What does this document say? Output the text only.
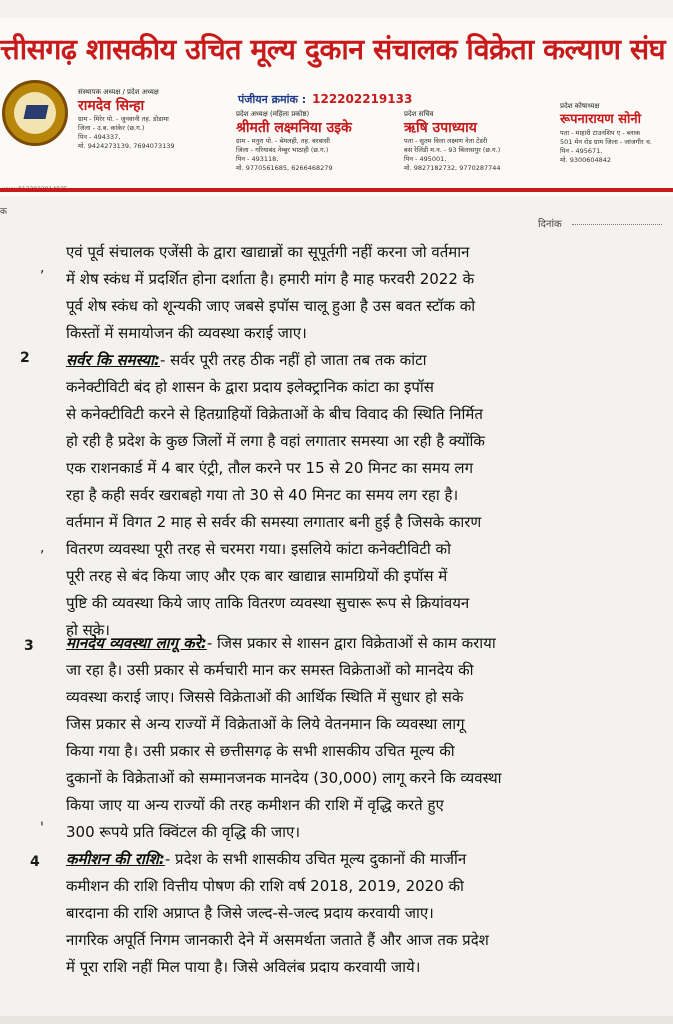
त्तीसगढ़ शासकीय उचित मूल्य दुकान संचालक विक्रेता कल्याण संघ
पंजीयन क्रमांक : 122202219133
संस्थापक अध्यक्ष / प्रदेश अध्यक्ष
रामदेव सिन्हा
ग्राम - मिरेर पो. - जुनवानी तह. डोडामा
जिला - उ.ब. कांकेर (छ.ग.)
पिन - 494337,
मो. 9424273139, 7694073139
प्रदेश अध्यक्ष (महिला प्रकोष्ठ)
श्रीमती लक्ष्मनिया उइके
ग्राम - मनुरा पो. - बेमलही, तह. बरबासी
जिला - गरियाबंद नेम्बुर भाठाही (छ.ग.)
पिन - 493118,
मो. 9770561685, 6266468279
प्रदेश सचिव
ऋषि उपाध्याय
पता - सुतम विला लक्ष्मण नेता टेंडरी
बस रेलिंडी म.न. - 93 बिलासपुर (छ.ग.)
पिन - 495001,
मो. 9827182732, 9770287744
प्रदेश कोषाध्यक्ष
रूपनारायण सोनी
पता - माहारी टाउनशिप ए - ब्लाक
501 मेन रोड ग्राम जिला - जांजगीर च.
पिन - 495671,
मो. 9300604842
क
दिनांक
,
एवं पूर्व संचालक एजेंसी के द्वारा खाद्यान्नों का सूपूर्तगी नहीं करना जो वर्तमान
में शेष स्कंध में प्रदर्शित होना दर्शाता है। हमारी मांग है माह फरवरी 2022 के
पूर्व शेष स्कंध को शून्यकी जाए जबसे इपॉस चालू हुआ है उस बवत स्टॉक को
किस्तों में समायोजन की व्यवस्था कराई जाए।
2 सर्वर कि समस्या:- सर्वर पूरी तरह ठीक नहीं हो जाता तब तक कांटा
कनेक्टीविटी बंद हो शासन के द्वारा प्रदाय इलेक्ट्रानिक कांटा का इपॉस
से कनेक्टीविटी करने से हितग्राहियों विक्रेताओं के बीच विवाद की स्थिति निर्मित
हो रही है प्रदेश के कुछ जिलों में लगा है वहां लगातार समस्या आ रही है क्योंकि
एक राशनकार्ड में 4 बार एंट्री, तौल करने पर 15 से 20 मिनट का समय लग
रहा है कही सर्वर खराबहो गया तो 30 से 40 मिनट का समय लग रहा है।
वर्तमान में विगत 2 माह से सर्वर की समस्या लगातार बनी हुई है जिसके कारण
, वितरण व्यवस्था पूरी तरह से चरमरा गया। इसलिये कांटा कनेक्टीविटी को
पूरी तरह से बंद किया जाए और एक बार खाद्यान्न सामग्रियों की इपॉस में
पुष्टि की व्यवस्था किये जाए ताकि वितरण व्यवस्था सुचारू रूप से क्रियांवयन
हो सके।
3 मानदेय व्यवस्था लागू करे:- जिस प्रकार से शासन द्वारा विक्रेताओं से काम कराया
जा रहा है। उसी प्रकार से कर्मचारी मान कर समस्त विक्रेताओं को मानदेय की
व्यवस्था कराई जाए। जिससे विक्रेताओं की आर्थिक स्थिति में सुधार हो सके
जिस प्रकार से अन्य राज्यों में विक्रेताओं के लिये वेतनमान कि व्यवस्था लागू
किया गया है। उसी प्रकार से छत्तीसगढ़ के सभी शासकीय उचित मूल्य की
दुकानों के विक्रेताओं को सम्मानजनक मानदेय (30,000) लागू करने कि व्यवस्था
किया जाए या अन्य राज्यों की तरह कमीशन की राशि में वृद्धि करते हुए
' 300 रूपये प्रति क्विंटल की वृद्धि की जाए।
4 कमीशन की राशि:- प्रदेश के सभी शासकीय उचित मूल्य दुकानों की मार्जीन
कमीशन की राशि वित्तीय पोषण की राशि वर्ष 2018, 2019, 2020 की
बारदाना की राशि अप्राप्त है जिसे जल्द-से-जल्द प्रदाय करवायी जाए।
नागरिक अपूर्ति निगम जानकारी देने में असमर्थता जताते हैं और आज तक प्रदेश
में पूरा राशि नहीं मिल पाया है। जिसे अविलंब प्रदाय करवायी जाये।
